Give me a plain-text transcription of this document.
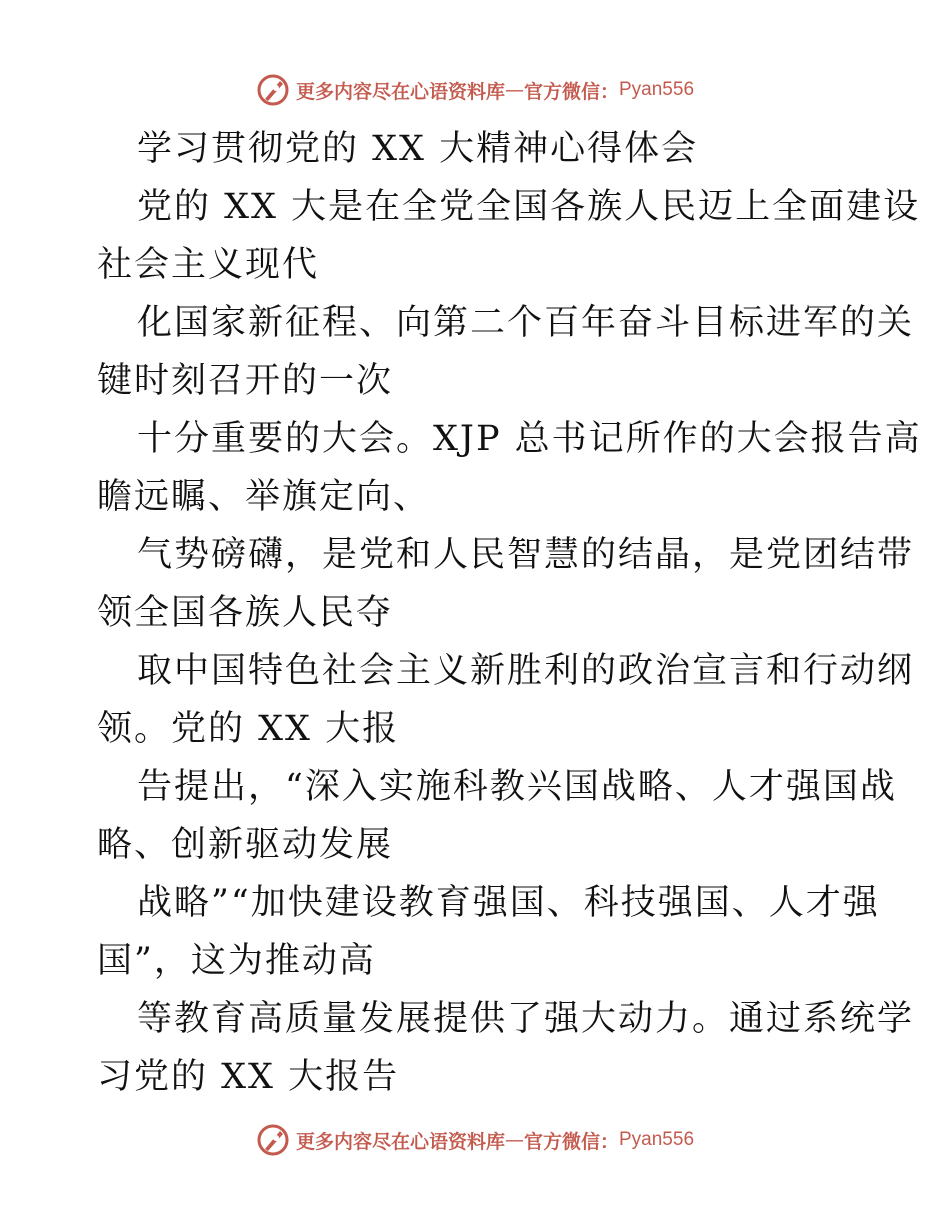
更多内容尽在心语资料库 — 官方微信： Pyan556
学习贯彻党的 XX 大精神心得体会
党的 XX 大是在全党全国各族人民迈上全面建设
社会主义现代
化国家新征程、向第二个百年奋斗目标进军的关
键时刻召开的一次
十分重要的大会。XJP 总书记所作的大会报告高
瞻远瞩、举旗定向、
气势磅礴，是党和人民智慧的结晶，是党团结带
领全国各族人民夺
取中国特色社会主义新胜利的政治宣言和行动纲
领。党的 XX 大报
告提出，“深入实施科教兴国战略、人才强国战
略、创新驱动发展
战略”“加快建设教育强国、科技强国、人才强
国”，这为推动高
等教育高质量发展提供了强大动力。通过系统学
习党的 XX 大报告
更多内容尽在心语资料库 — 官方微信： Pyan556
